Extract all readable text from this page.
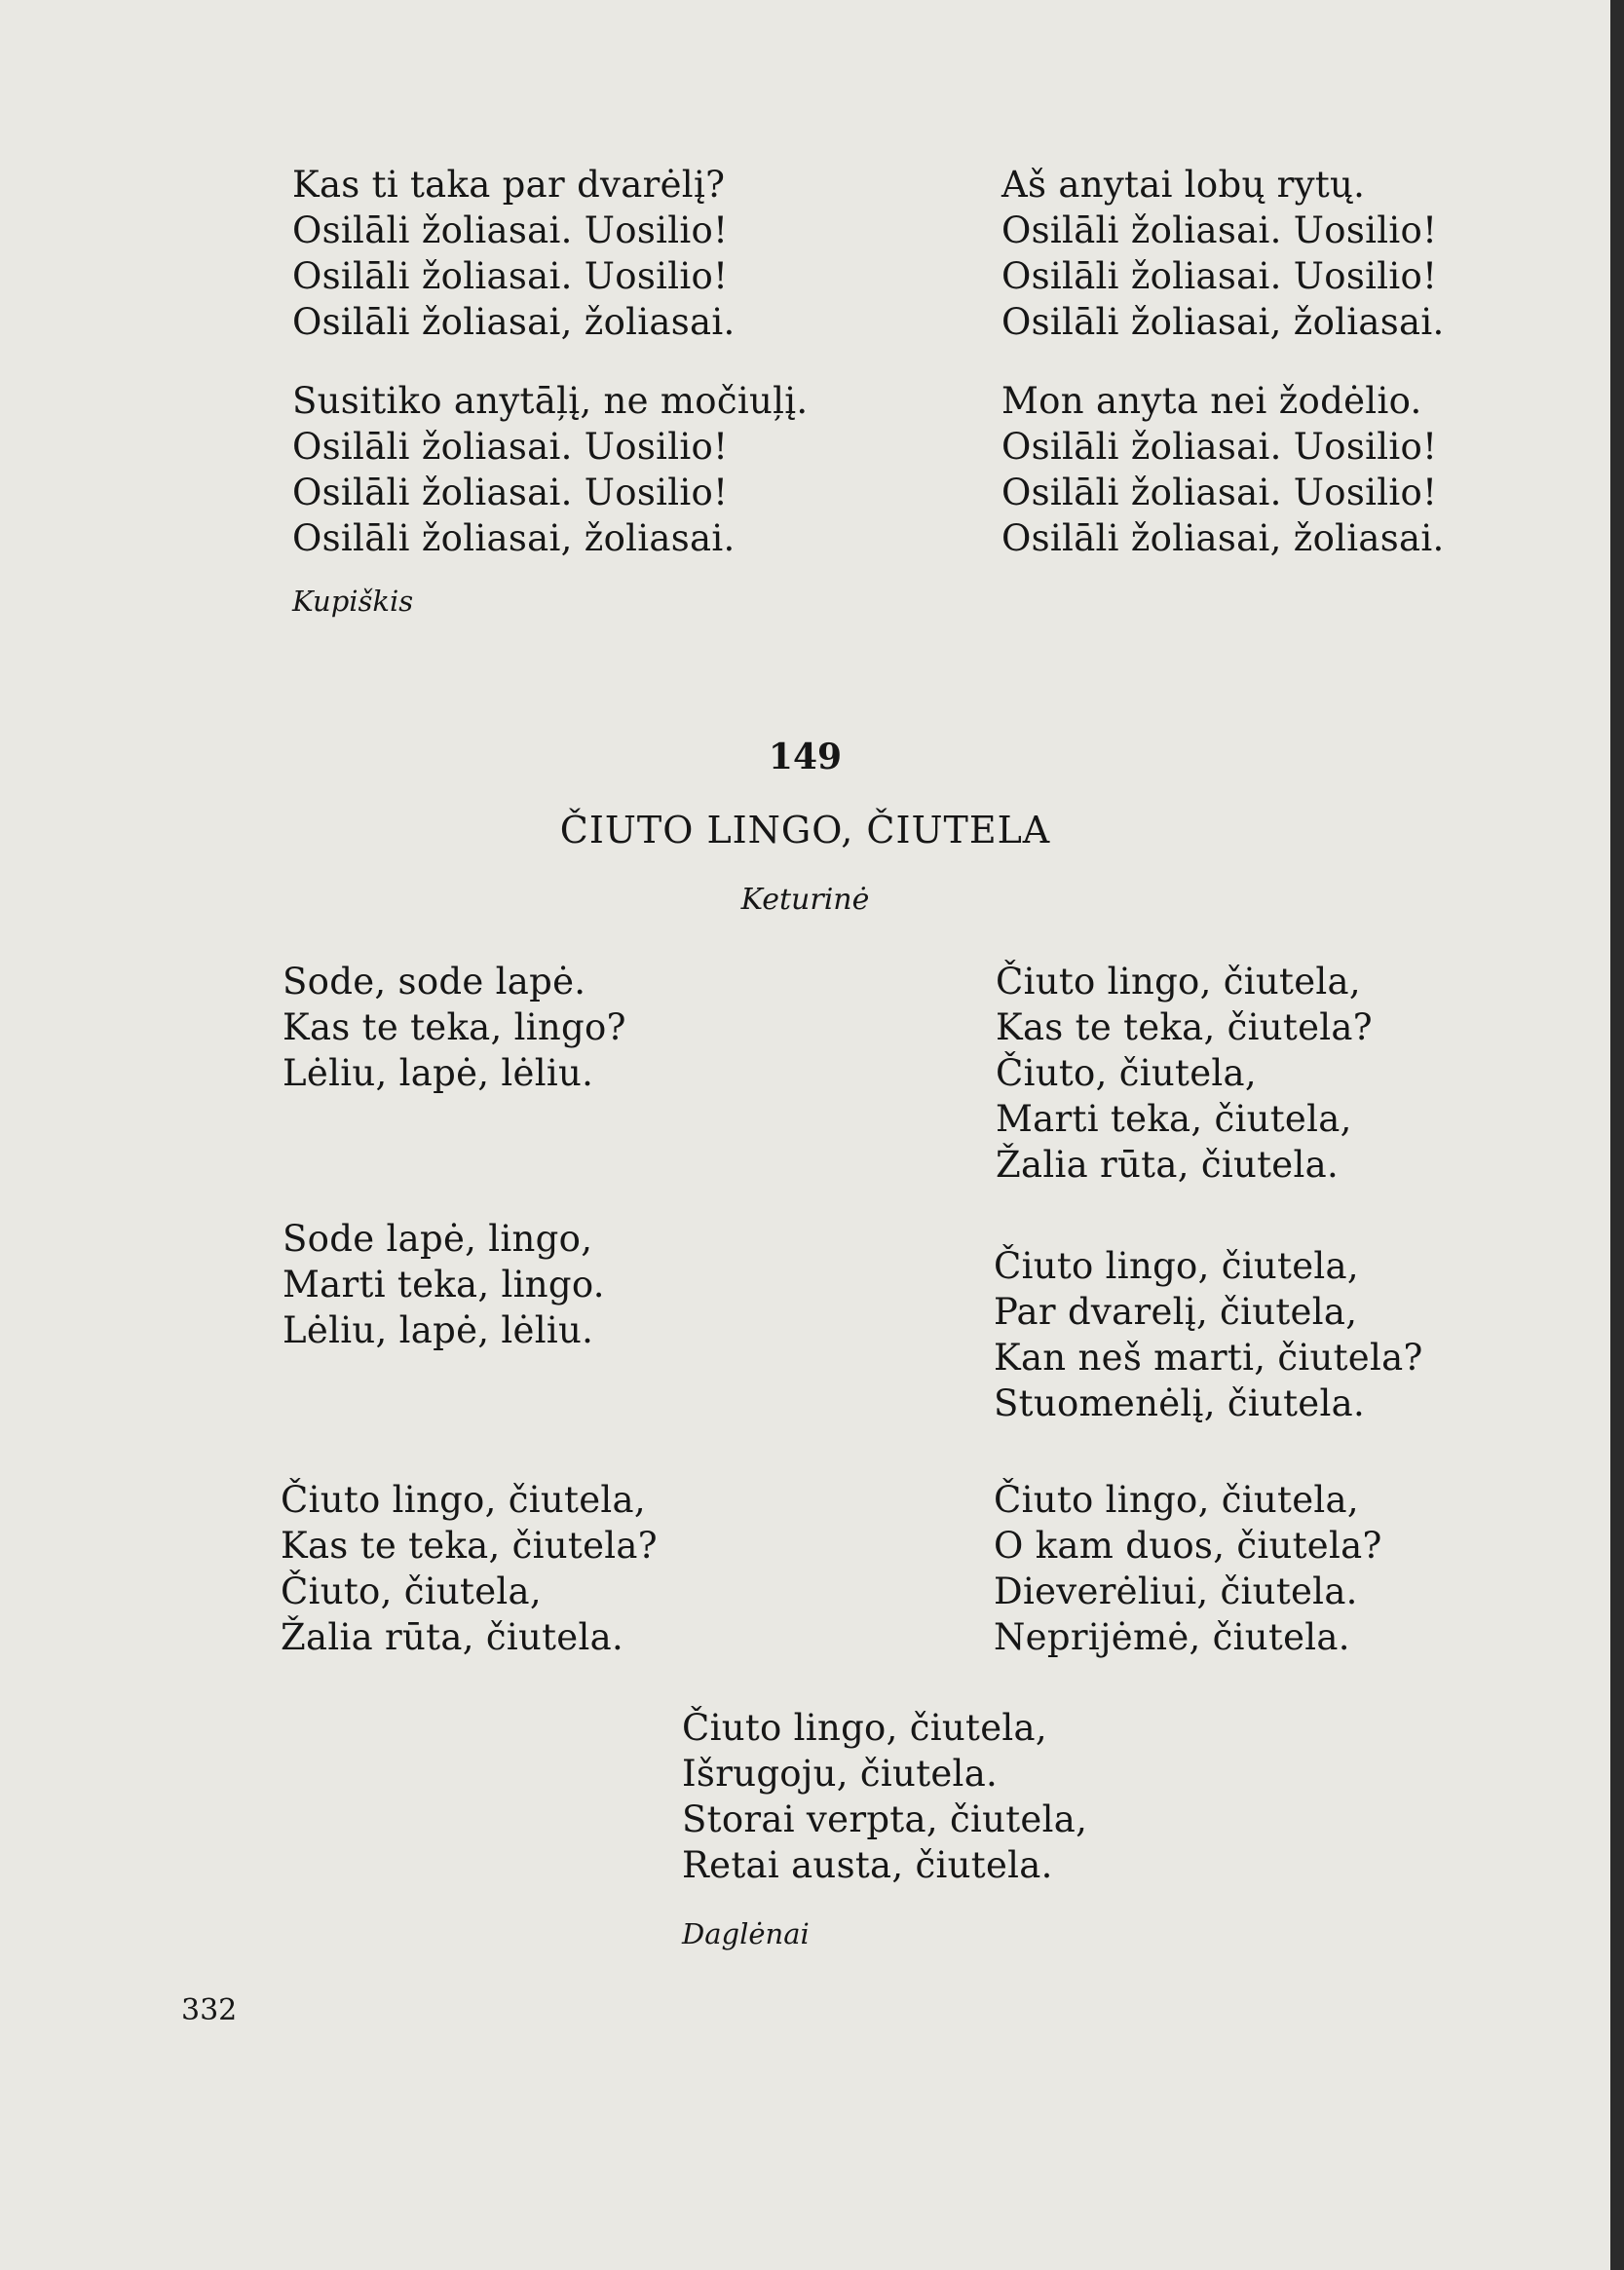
Kas ti taka par dvarėlį?
Osilāli žoliasai. Uosilio!
Osilāli žoliasai. Uosilio!
Osilāli žoliasai, žoliasai.
Susitiko anytāļį, ne močiuļį.
Osilāli žoliasai. Uosilio!
Osilāli žoliasai. Uosilio!
Osilāli žoliasai, žoliasai.
Aš anytai lobų rytų.
Osilāli žoliasai. Uosilio!
Osilāli žoliasai. Uosilio!
Osilāli žoliasai, žoliasai.
Mon anyta nei žodėlio.
Osilāli žoliasai. Uosilio!
Osilāli žoliasai. Uosilio!
Osilāli žoliasai, žoliasai.
Kupiškis
149
ČIUTO LINGO, ČIUTELA
Keturinė
Sode, sode lapė.
Kas te teka, lingo?
Lėliu, lapė, lėliu.
Sode lapė, lingo,
Marti teka, lingo.
Lėliu, lapė, lėliu.
Čiuto lingo, čiutela,
Kas te teka, čiutela?
Čiuto, čiutela,
Žalia rūta, čiutela.
Čiuto lingo, čiutela,
Kas te teka, čiutela?
Čiuto, čiutela,
Marti teka, čiutela,
Žalia rūta, čiutela.
Čiuto lingo, čiutela,
Par dvarelį, čiutela,
Kan neš marti, čiutela?
Stuomenėlį, čiutela.
Čiuto lingo, čiutela,
O kam duos, čiutela?
Dieverėliui, čiutela.
Neprijėmė, čiutela.
Čiuto lingo, čiutela,
Išrugoju, čiutela.
Storai verpta, čiutela,
Retai austa, čiutela.
Daglėnai
332
